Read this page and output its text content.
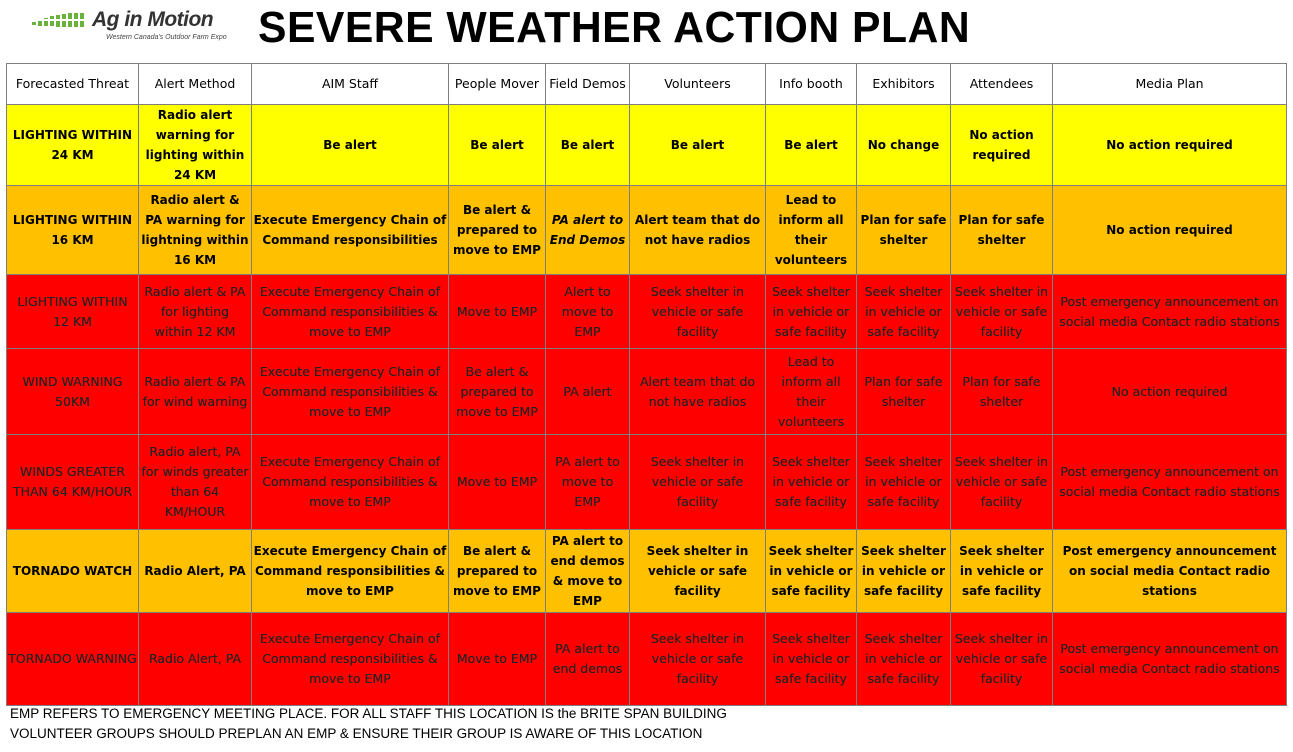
Ag in Motion
Western Canada's Outdoor Farm Expo SEVERE WEATHER ACTION PLAN
Forecasted Threat	Alert Method	AIM Staff	People Mover	Field Demos	Volunteers	Info booth	Exhibitors	Attendees	Media Plan
LIGHTING WITHIN 24 KM	Radio alert warning for lighting within 24 KM	Be alert	Be alert	Be alert	Be alert	Be alert	No change	No action required	No action required
LIGHTING WITHIN 16 KM	Radio alert & PA warning for lightning within 16 KM	Execute Emergency Chain of Command responsibilities	Be alert & prepared to move to EMP	PA alert to End Demos	Alert team that do not have radios	Lead to inform all their volunteers	Plan for safe shelter	Plan for safe shelter	No action required
LIGHTING WITHIN 12 KM	Radio alert & PA for lighting within 12 KM	Execute Emergency Chain of Command responsibilities & move to EMP	Move to EMP	Alert to move to EMP	Seek shelter in vehicle or safe facility	Seek shelter in vehicle or safe facility	Seek shelter in vehicle or safe facility	Seek shelter in vehicle or safe facility	Post emergency announcement on social media Contact radio stations
WIND WARNING 50KM	Radio alert & PA for wind warning	Execute Emergency Chain of Command responsibilities & move to EMP	Be alert & prepared to move to EMP	PA alert	Alert team that do not have radios	Lead to inform all their volunteers	Plan for safe shelter	Plan for safe shelter	No action required
WINDS GREATER THAN 64 KM/HOUR	Radio alert, PA for winds greater than 64 KM/HOUR	Execute Emergency Chain of Command responsibilities & move to EMP	Move to EMP	PA alert to move to EMP	Seek shelter in vehicle or safe facility	Seek shelter in vehicle or safe facility	Seek shelter in vehicle or safe facility	Seek shelter in vehicle or safe facility	Post emergency announcement on social media Contact radio stations
TORNADO WATCH	Radio Alert, PA	Execute Emergency Chain of Command responsibilities & move to EMP	Be alert & prepared to move to EMP	PA alert to end demos & move to EMP	Seek shelter in vehicle or safe facility	Seek shelter in vehicle or safe facility	Seek shelter in vehicle or safe facility	Seek shelter in vehicle or safe facility	Post emergency announcement on social media Contact radio stations
TORNADO WARNING	Radio Alert, PA	Execute Emergency Chain of Command responsibilities & move to EMP	Move to EMP	PA alert to end demos	Seek shelter in vehicle or safe facility	Seek shelter in vehicle or safe facility	Seek shelter in vehicle or safe facility	Seek shelter in vehicle or safe facility	Post emergency announcement on social media Contact radio stations
EMP REFERS TO EMERGENCY MEETING PLACE. FOR ALL STAFF THIS LOCATION IS the BRITE SPAN BUILDING
VOLUNTEER GROUPS SHOULD PREPLAN AN EMP & ENSURE THEIR GROUP IS AWARE OF THIS LOCATION
